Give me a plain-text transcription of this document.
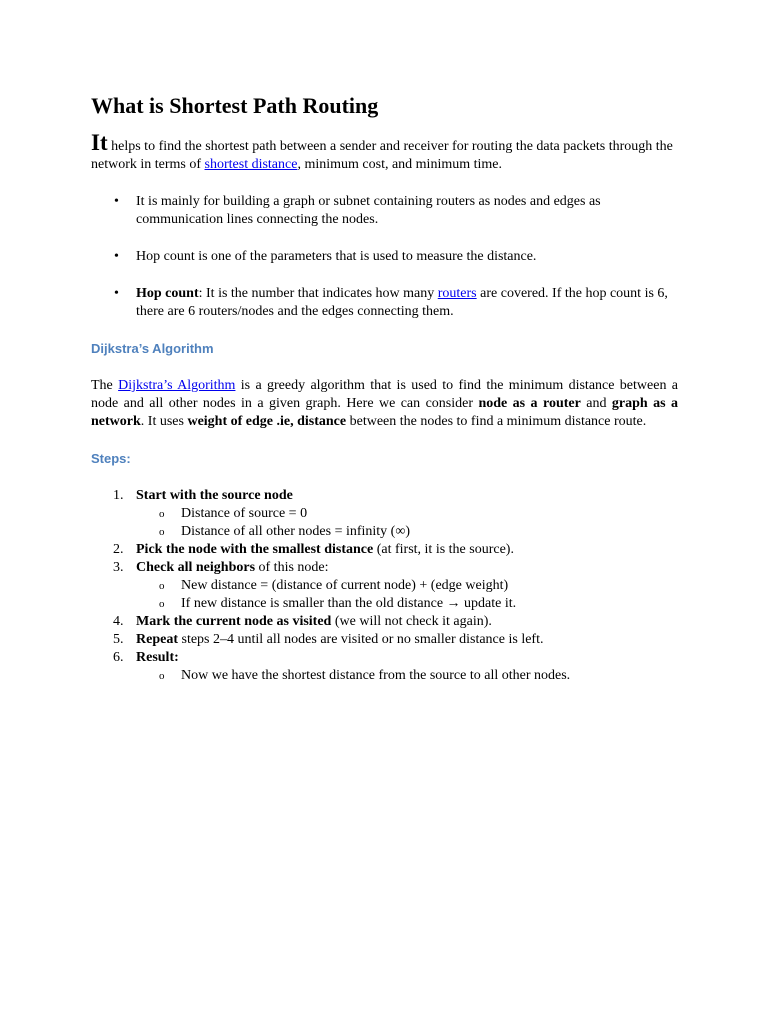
What is Shortest Path Routing

It helps to find the shortest path between a sender and receiver for routing the data packets through the network in terms of shortest distance, minimum cost, and minimum time.

• It is mainly for building a graph or subnet containing routers as nodes and edges as communication lines connecting the nodes.
• Hop count is one of the parameters that is used to measure the distance.
• Hop count: It is the number that indicates how many routers are covered. If the hop count is 6, there are 6 routers/nodes and the edges connecting them.
Dijkstra’s Algorithm

The Dijkstra’s Algorithm is a greedy algorithm that is used to find the minimum distance between a node and all other nodes in a given graph. Here we can consider node as a router and graph as a network. It uses weight of edge .ie, distance between the nodes to find a minimum distance route.

Steps:
1. Start with the source node
o Distance of source = 0
o Distance of all other nodes = infinity (∞)
2. Pick the node with the smallest distance (at first, it is the source).
3. Check all neighbors of this node:
o New distance = (distance of current node) + (edge weight)
o If new distance is smaller than the old distance → update it.
4. Mark the current node as visited (we will not check it again).
5. Repeat steps 2–4 until all nodes are visited or no smaller distance is left.
6. Result:
o Now we have the shortest distance from the source to all other nodes.
